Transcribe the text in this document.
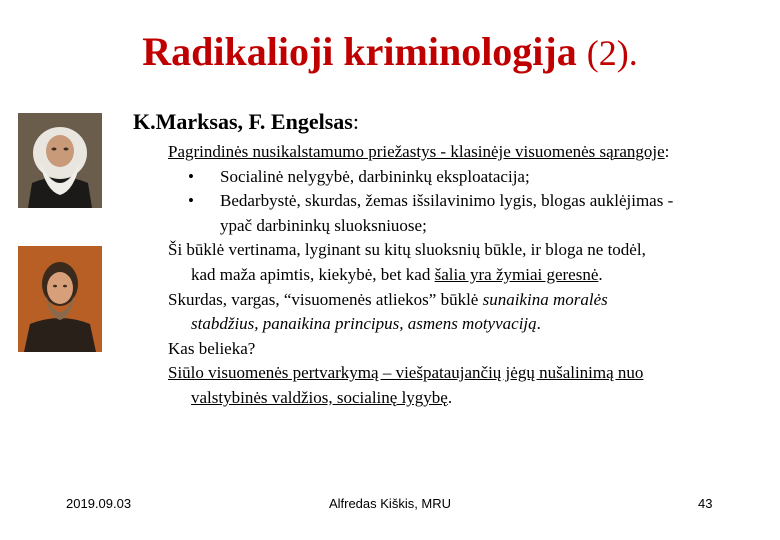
Radikalioji kriminologija (2).
K.Marksas, F. Engelsas:
Pagrindinės nusikalstamumo priežastys - klasinėje visuomenės sąrangoje:
• Socialinė nelygybė, darbininkų eksploatacija;
• Bedarbystė, skurdas, žemas išsilavinimo lygis, blogas auklėjimas -
ypač darbininkų sluoksniuose;
Ši būklė vertinama, lyginant su kitų sluoksnių būkle, ir bloga ne todėl,
kad maža apimtis, kiekybė, bet kad šalia yra žymiai geresnė.
Skurdas, vargas, “visuomenės atliekos” būklė sunaikina moralės
stabdžius, panaikina principus, asmens motyvaciją.
Kas belieka?
Siūlo visuomenės pertvarkymą – viešpataujančių jėgų nušalinimą nuo
valstybinės valdžios, socialinę lygybę.
Alfredas Kiškis, MRU
2019.09.03	43
